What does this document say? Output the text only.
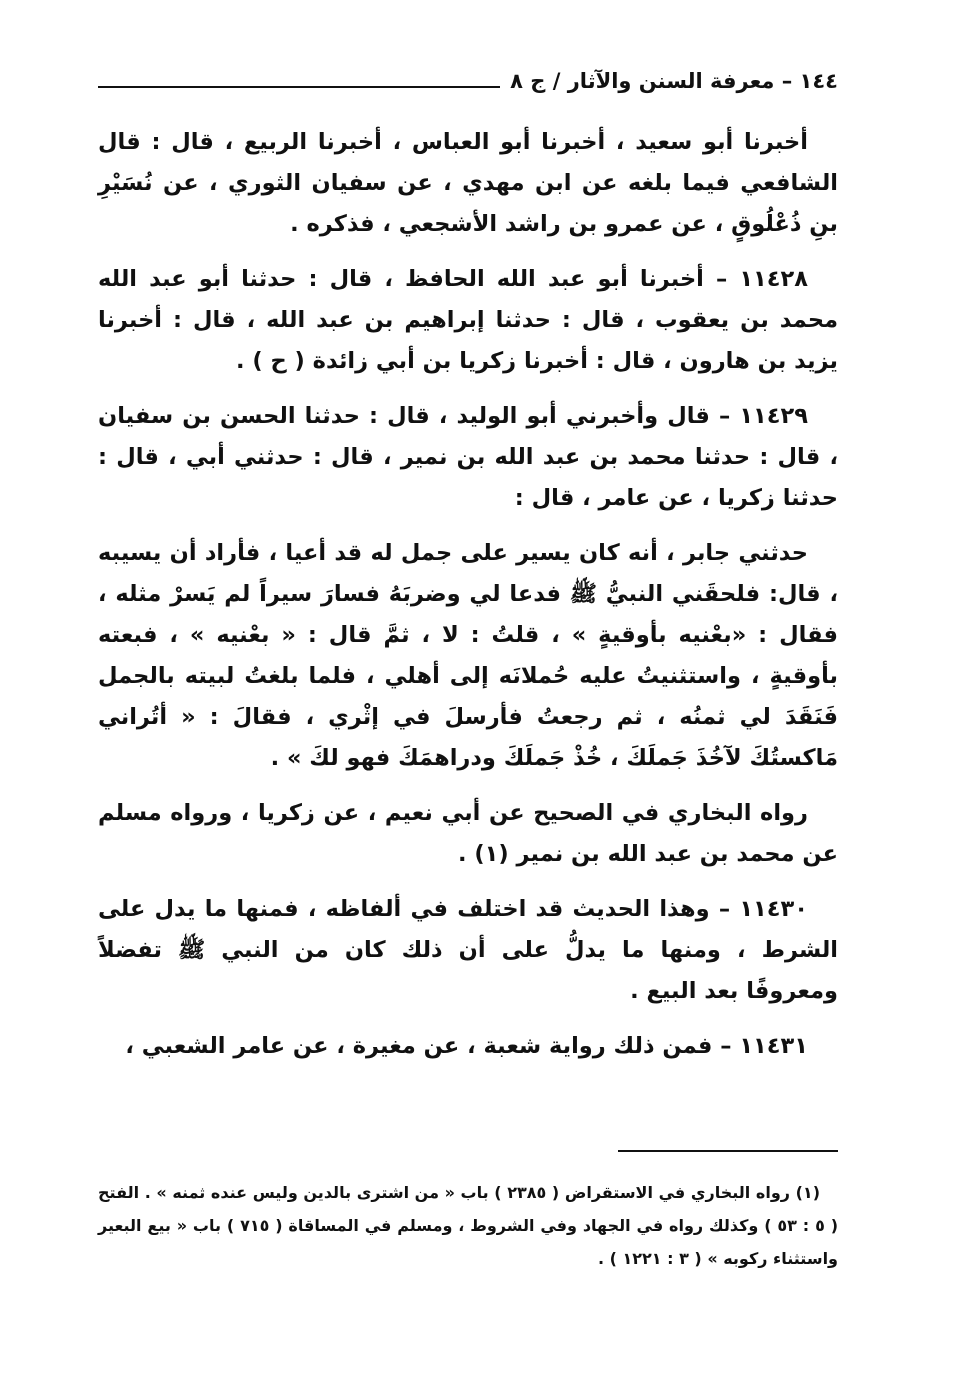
١٤٤ – معرفة السنن والآثار / ج ٨

أخبرنا أبو سعيد ، أخبرنا أبو العباس ، أخبرنا الربيع ، قال : قال الشافعي فيما بلغه عن ابن مهدي ، عن سفيان الثوري ، عن نُسَيْرِ بنِ ذُعْلُوقٍ ، عن عمرو بن راشد الأشجعي ، فذكره .

١١٤٢٨ – أخبرنا أبو عبد الله الحافظ ، قال : حدثنا أبو عبد الله محمد بن يعقوب ، قال : حدثنا إبراهيم بن عبد الله ، قال : أخبرنا يزيد بن هارون ، قال : أخبرنا زكريا بن أبي زائدة ( ح ) .

١١٤٢٩ – قال وأخبرني أبو الوليد ، قال : حدثنا الحسن بن سفيان ، قال : حدثنا محمد بن عبد الله بن نمير ، قال : حدثني أبي ، قال : حدثنا زكريا ، عن عامر ، قال :

حدثني جابر ، أنه كان يسير على جمل له قد أعيا ، فأراد أن يسيبه ، قال: فلحقَني النبيُّ ﷺ فدعا لي وضربَهُ فسارَ سيراً لم يَسرْ مثله ، فقال : «بعْنيه بأوقيةٍ » ، قلتُ : لا ، ثمَّ قال : « بعْنيه » ، فبعته بأوقيةٍ ، واستثنيتُ عليه حُملانَه إلى أهلي ، فلما بلغتُ لبيته بالجمل فَنَقَدَ لي ثمنُه ، ثم رجعتُ فأرسلَ في إثْري ، فقالَ : « أتُراني مَاكستُكَ لآخُذَ جَملَكَ ، خُذْ جَملَكَ ودراهمَكَ فهو لكَ » .

رواه البخاري في الصحيح عن أبي نعيم ، عن زكريا ، ورواه مسلم عن محمد بن عبد الله بن نمير (١) .

١١٤٣٠ – وهذا الحديث قد اختلف في ألفاظه ، فمنها ما يدل على الشرط ، ومنها ما يدلُّ على أن ذلك كان من النبي ﷺ تفضلاً ومعروفًا بعد البيع .

١١٤٣١ – فمن ذلك رواية شعبة ، عن مغيرة ، عن عامر الشعبي ،

(١) رواه البخاري في الاستقراض ( ٢٣٨٥ ) باب « من اشترى بالدين وليس عنده ثمنه » . الفتح ( ٥ : ٥٣ ) وكذلك رواه في الجهاد وفي الشروط ، ومسلم في المساقاة ( ٧١٥ ) باب « بيع البعير واستثناء ركوبه » ( ٣ : ١٢٢١ ) .
